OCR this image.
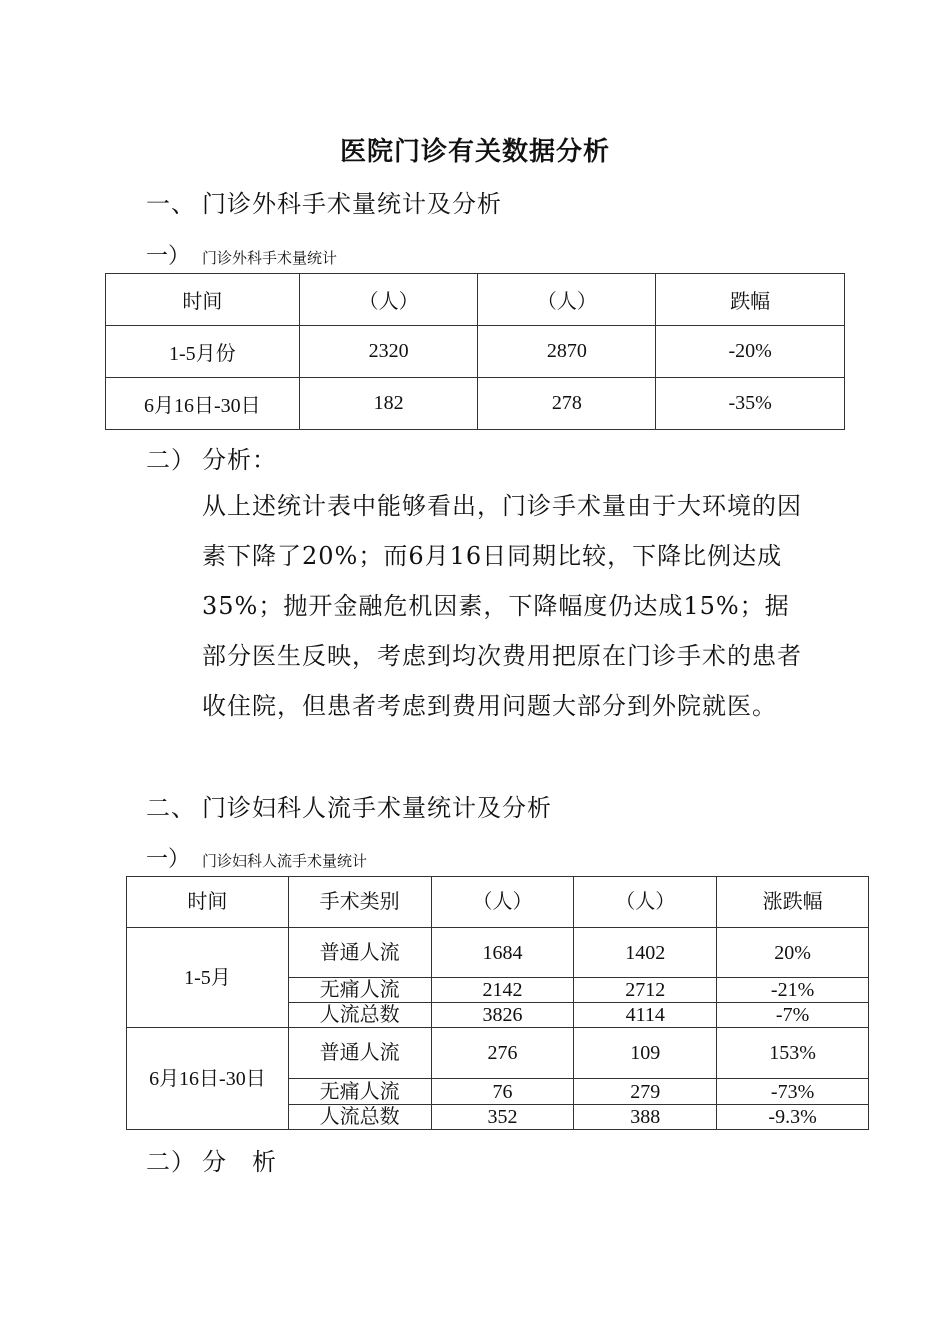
医院门诊有关数据分析
一、 门诊外科手术量统计及分析
一） 门诊外科手术量统计
时间	（人）	（人）	跌幅
1-5月份	2320	2870	-20%
6月16日-30日	182	278	-35%
二） 分析：
从上述统计表中能够看出，门诊手术量由于大环境的因素下降了20%；而6月16日同期比较，下降比例达成35%；抛开金融危机因素，下降幅度仍达成15%；据部分医生反映，考虑到均次费用把原在门诊手术的患者收住院，但患者考虑到费用问题大部分到外院就医。
二、 门诊妇科人流手术量统计及分析
一） 门诊妇科人流手术量统计
时间	手术类别	（人）	（人）	涨跌幅
1-5月	普通人流	1684	1402	20%
	无痛人流	2142	2712	-21%
	人流总数	3826	4114	-7%
6月16日-30日	普通人流	276	109	153%
	无痛人流	76	279	-73%
	人流总数	352	388	-9.3%
二） 分　析
